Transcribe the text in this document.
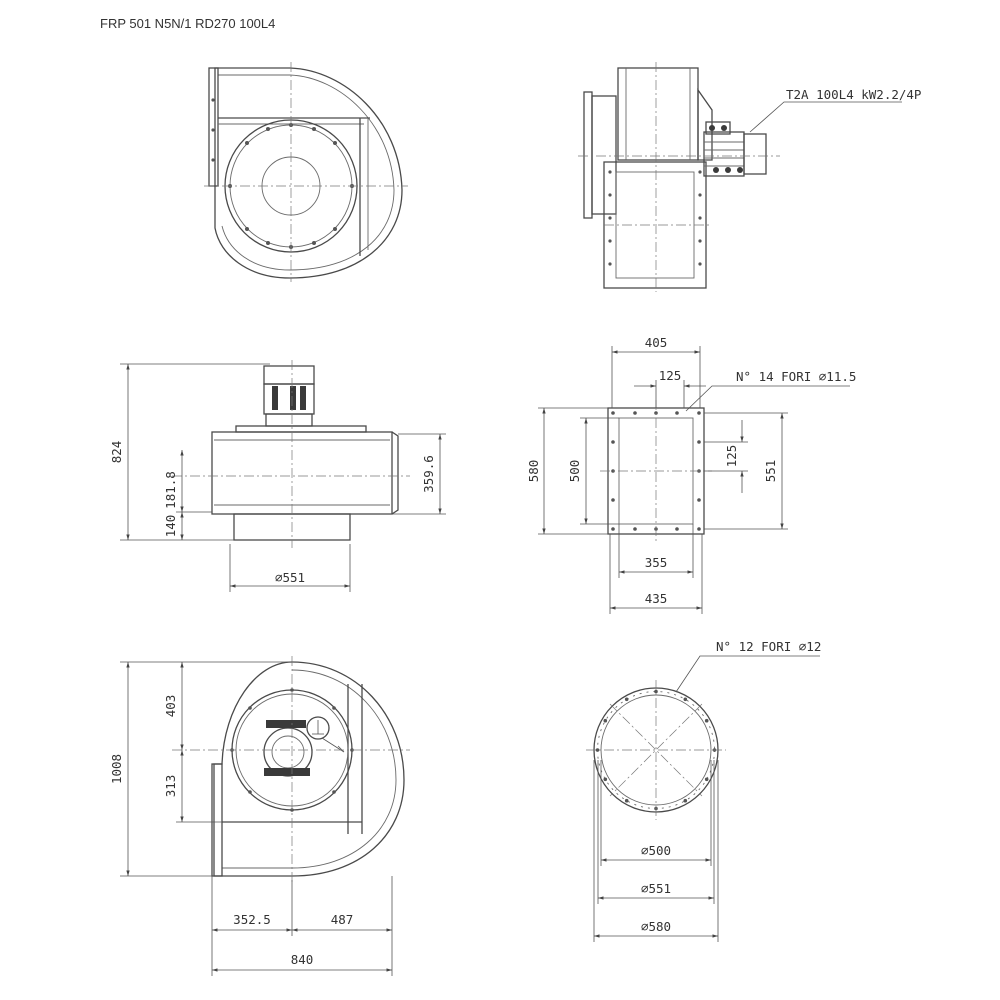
FRP 501 N5N/1 RD270 100L4
T2A 100L4 kW2.2/4P
824
181.8
140
359.6
⌀551
405
125	N° 14 FORI ⌀11.5
580 500
125
551
355
435
1008
403
313
352.5	487
840
N° 12 FORI ⌀12
⌀500
⌀551
⌀580
